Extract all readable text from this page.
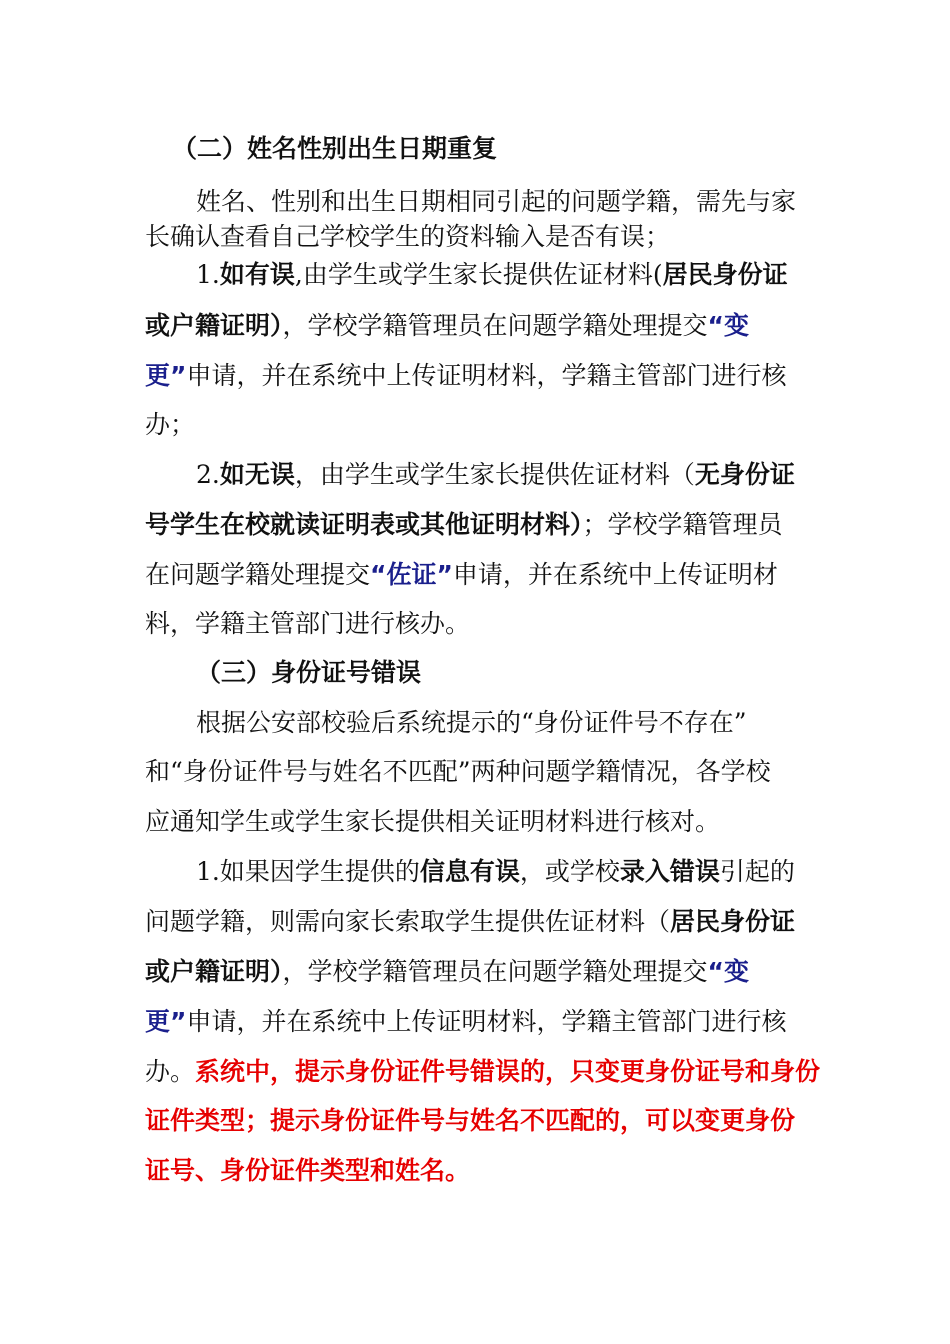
（二）姓名性别出生日期重复
姓名、性别和出生日期相同引起的问题学籍，需先与家
长确认查看自己学校学生的资料输入是否有误；
1.如有误,由学生或学生家长提供佐证材料(居民身份证
或户籍证明），学校学籍管理员在问题学籍处理提交“变
更”申请，并在系统中上传证明材料，学籍主管部门进行核
办；
2.如无误，由学生或学生家长提供佐证材料（无身份证
号学生在校就读证明表或其他证明材料）；学校学籍管理员
在问题学籍处理提交“佐证”申请，并在系统中上传证明材
料，学籍主管部门进行核办。
（三）身份证号错误
根据公安部校验后系统提示的“身份证件号不存在”
和“身份证件号与姓名不匹配”两种问题学籍情况，各学校
应通知学生或学生家长提供相关证明材料进行核对。
1.如果因学生提供的信息有误，或学校录入错误引起的
问题学籍，则需向家长索取学生提供佐证材料（居民身份证
或户籍证明），学校学籍管理员在问题学籍处理提交“变
更”申请，并在系统中上传证明材料，学籍主管部门进行核
办。系统中，提示身份证件号错误的，只变更身份证号和身份
证件类型；提示身份证件号与姓名不匹配的，可以变更身份
证号、身份证件类型和姓名。
